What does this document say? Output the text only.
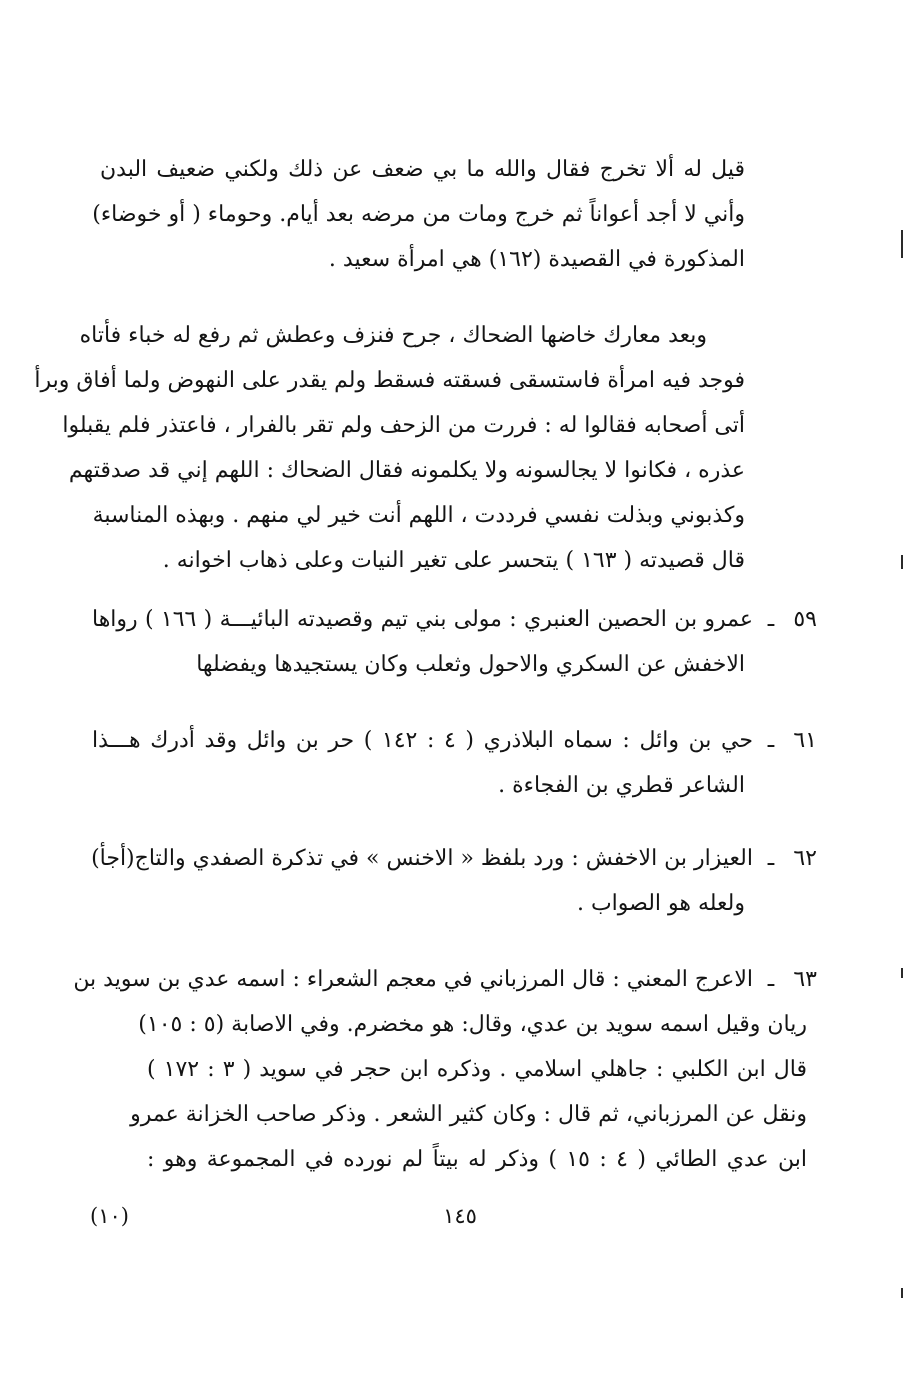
قيل له ألا تخرج فقال والله ما بي ضعف عن ذلك ولكني ضعيف البدن
وأني لا أجد أعواناً ثم خرج ومات من مرضه بعد أيام. وحوماء ( أو خوضاء)
المذكورة في القصيدة (١٦٢) هي امرأة سعيد .
وبعد معارك خاضها الضحاك ، جرح فنزف وعطش ثم رفع له خباء فأتاه
فوجد فيه امرأة فاستسقى فسقته فسقط ولم يقدر على النهوض ولما أفاق وبرأ
أتى أصحابه فقالوا له : فررت من الزحف ولم تقر بالفرار ، فاعتذر فلم يقبلوا
عذره ، فكانوا لا يجالسونه ولا يكلمونه فقال الضحاك : اللهم إني قد صدقتهم
وكذبوني وبذلت نفسي فرددت ، اللهم أنت خير لي منهم . وبهذه المناسبة
قال قصيدته ( ١٦٣ ) يتحسر على تغير النيات وعلى ذهاب اخوانه .
٥٩
ـ
عمرو بن الحصين العنبري : مولى بني تيم وقصيدته البائيـــة ( ١٦٦ ) رواها
الاخفش عن السكري والاحول وثعلب وكان يستجيدها ويفضلها
٦١
ـ
حي بن وائل : سماه البلاذري ( ٤ : ١٤٢ ) حر بن وائل وقد أدرك هـــذا
الشاعر قطري بن الفجاءة .
٦٢
ـ
العيزار بن الاخفش : ورد بلفظ « الاخنس » في تذكرة الصفدي والتاج(أجأ)
ولعله هو الصواب .
٦٣
ـ
الاعرج المعني : قال المرزباني في معجم الشعراء : اسمه عدي بن سويد بن
ريان وقيل اسمه سويد بن عدي، وقال: هو مخضرم. وفي الاصابة (٥ : ١٠٥)
قال ابن الكلبي : جاهلي اسلامي . وذكره ابن حجر في سويد ( ٣ : ١٧٢ )
ونقل عن المرزباني، ثم قال : وكان كثير الشعر . وذكر صاحب الخزانة عمرو
ابن عدي الطائي ( ٤ : ١٥ ) وذكر له بيتاً لم نورده في المجموعة وهو :
١٤٥
(١٠)
